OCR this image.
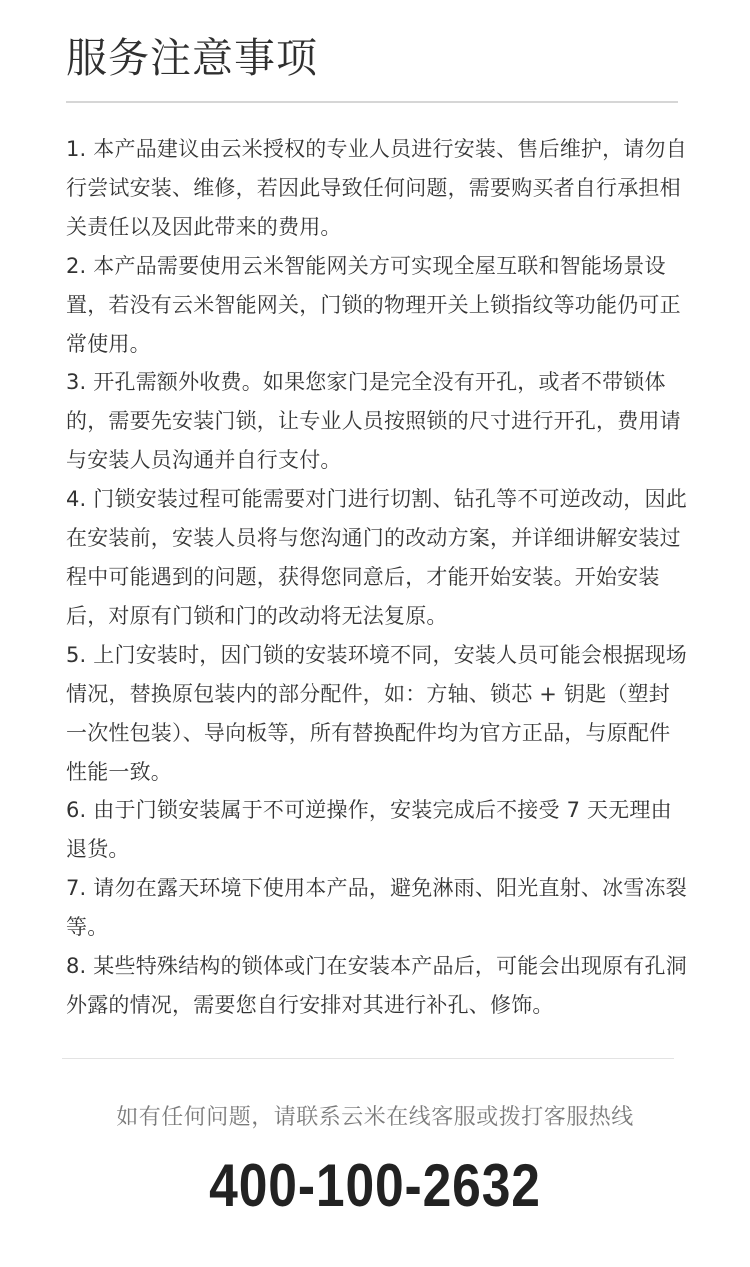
服务注意事项
1. 本产品建议由云米授权的专业人员进行安装、售后维护，请勿自行尝试安装、维修，若因此导致任何问题，需要购买者自行承担相关责任以及因此带来的费用。
2. 本产品需要使用云米智能网关方可实现全屋互联和智能场景设置，若没有云米智能网关，门锁的物理开关上锁指纹等功能仍可正常使用。
3. 开孔需额外收费。如果您家门是完全没有开孔，或者不带锁体的，需要先安装门锁，让专业人员按照锁的尺寸进行开孔，费用请与安装人员沟通并自行支付。
4. 门锁安装过程可能需要对门进行切割、钻孔等不可逆改动，因此在安装前，安装人员将与您沟通门的改动方案，并详细讲解安装过程中可能遇到的问题，获得您同意后，才能开始安装。开始安装后，对原有门锁和门的改动将无法复原。
5. 上门安装时，因门锁的安装环境不同，安装人员可能会根据现场情况，替换原包装内的部分配件，如：方轴、锁芯 + 钥匙（塑封一次性包装）、导向板等，所有替换配件均为官方正品，与原配件性能一致。
6. 由于门锁安装属于不可逆操作，安装完成后不接受 7 天无理由退货。
7. 请勿在露天环境下使用本产品，避免淋雨、阳光直射、冰雪冻裂等。
8. 某些特殊结构的锁体或门在安装本产品后，可能会出现原有孔洞外露的情况，需要您自行安排对其进行补孔、修饰。
如有任何问题，请联系云米在线客服或拨打客服热线
400-100-2632
